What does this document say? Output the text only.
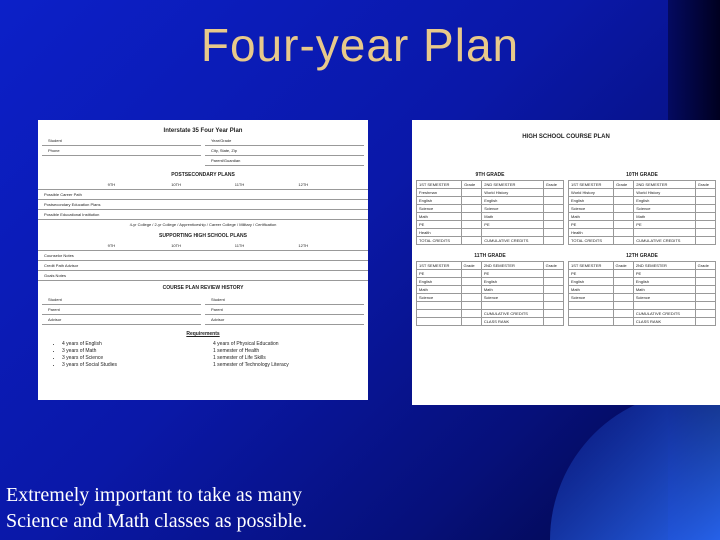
Four-year Plan
Interstate 35 Four Year Plan
Student
Phone
Year/Grade
City, State, Zip
Parent/Guardian
POSTSECONDARY PLANS
9TH	10TH	11TH	12TH
Possible Career Path
Postsecondary Education Plans
Possible Educational Institution
4-yr College / 2-yr College / Apprenticeship / Career College / Military / Certification
SUPPORTING HIGH SCHOOL PLANS
9TH	10TH	11TH	12TH
Counselor Notes
Credit Path Advisor
Goals Notes
COURSE PLAN REVIEW HISTORY
Student
Parent
Advisor
Student
Parent
Advisor
Requirements
• 4 years of English
• 3 years of Math
• 3 years of Science
• 3 years of Social Studies
4 years of Physical Education
1 semester of Health
1 semester of Life Skills
1 semester of Technology Literacy
HIGH SCHOOL COURSE PLAN
9TH GRADE
1ST SEMESTER	Grade	2ND SEMESTER	Grade
Freshman		World History	
English		English	
Science		Science	
Math		Math	
PE		PE	
Health			
TOTAL CREDITS		CUMULATIVE CREDITS	
10TH GRADE
1ST SEMESTER	Grade	2ND SEMESTER	Grade
World History		World History	
English		English	
Science		Science	
Math		Math	
PE		PE	
Health			
TOTAL CREDITS		CUMULATIVE CREDITS	
11TH GRADE
1ST SEMESTER	Grade	2ND SEMESTER	Grade
PE		PE	
English		English	
Math		Math	
Science		Science	

		CUMULATIVE CREDITS	
		CLASS RANK	
12TH GRADE
1ST SEMESTER	Grade	2ND SEMESTER	Grade
PE		PE	
English		English	
Math		Math	
Science		Science	

		CUMULATIVE CREDITS	
		CLASS RANK	
Extremely important to take as many
Science and Math classes as possible.
